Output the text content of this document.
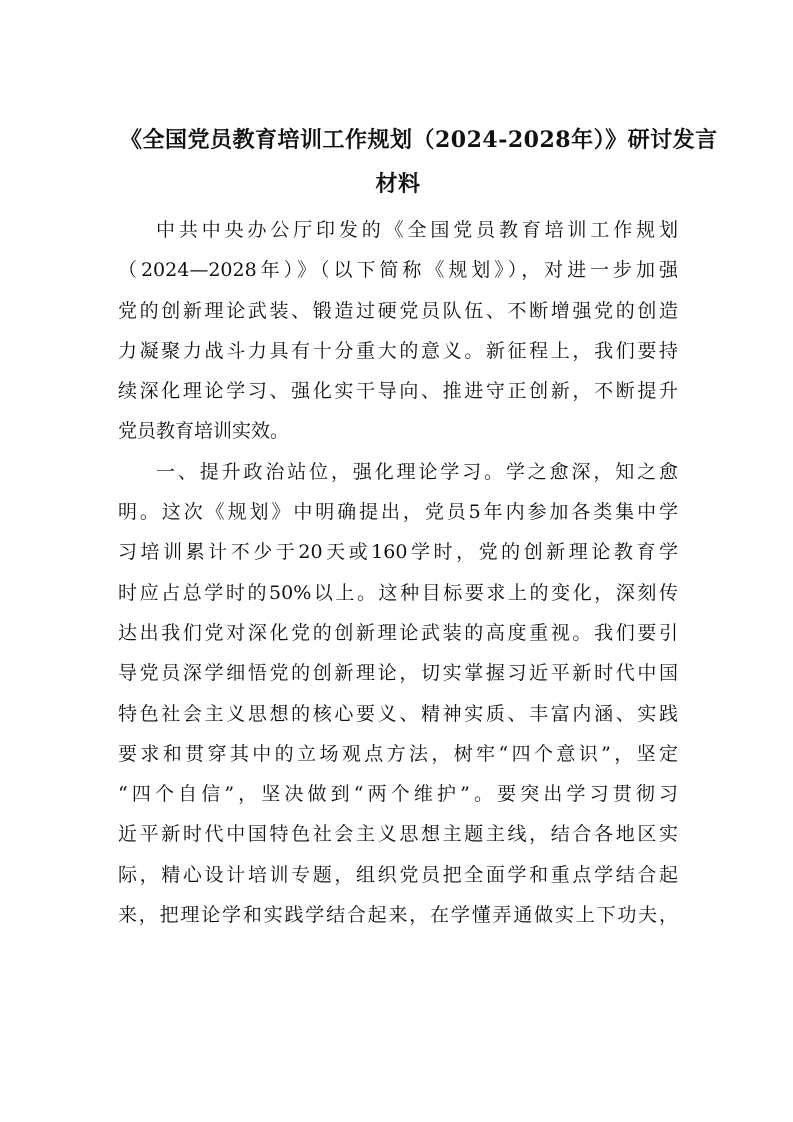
《全国党员教育培训工作规划（2024-2028年）》研讨发言
材料
中共中央办公厅印发的《全国党员教育培训工作规划
（2024—2028年）》（以下简称《规划》），对进一步加强
党的创新理论武装、锻造过硬党员队伍、不断增强党的创造
力凝聚力战斗力具有十分重大的意义。新征程上，我们要持
续深化理论学习、强化实干导向、推进守正创新，不断提升
党员教育培训实效。
一、提升政治站位，强化理论学习。学之愈深，知之愈
明。这次《规划》中明确提出，党员5年内参加各类集中学
习培训累计不少于20天或160学时，党的创新理论教育学
时应占总学时的50%以上。这种目标要求上的变化，深刻传
达出我们党对深化党的创新理论武装的高度重视。我们要引
导党员深学细悟党的创新理论，切实掌握习近平新时代中国
特色社会主义思想的核心要义、精神实质、丰富内涵、实践
要求和贯穿其中的立场观点方法，树牢“四个意识”，坚定
“四个自信”，坚决做到“两个维护”。要突出学习贯彻习
近平新时代中国特色社会主义思想主题主线，结合各地区实
际，精心设计培训专题，组织党员把全面学和重点学结合起
来，把理论学和实践学结合起来，在学懂弄通做实上下功夫，
